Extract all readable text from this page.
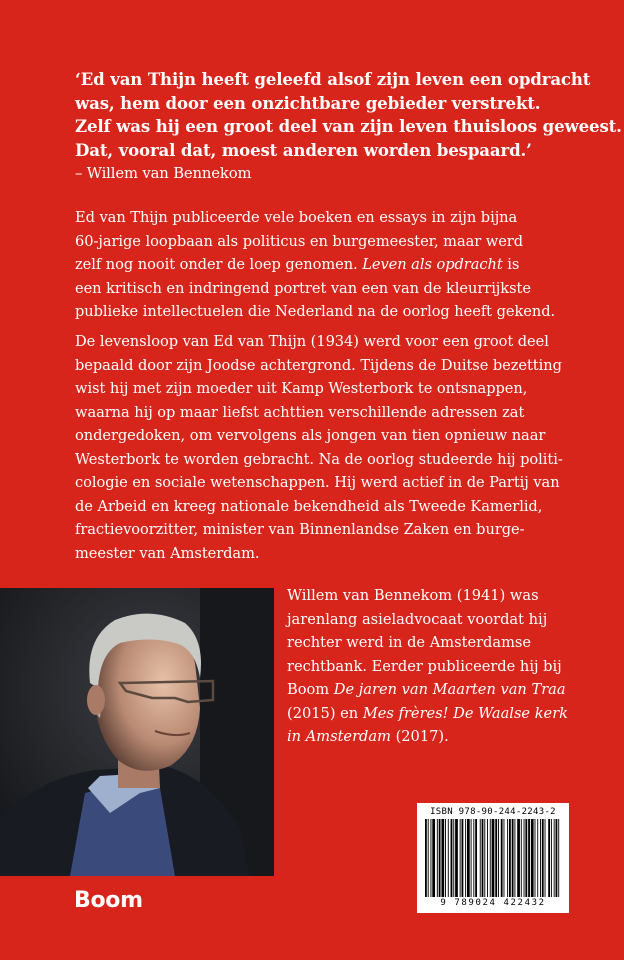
‘Ed van Thijn heeft geleefd alsof zijn leven een opdracht
was, hem door een onzichtbare gebieder verstrekt.
Zelf was hij een groot deel van zijn leven thuisloos geweest.
Dat, vooral dat, moest anderen worden bespaard.’
– Willem van Bennekom
Ed van Thijn publiceerde vele boeken en essays in zijn bijna
60-jarige loopbaan als politicus en burgemeester, maar werd
zelf nog nooit onder de loep genomen. Leven als opdracht is
een kritisch en indringend portret van een van de kleurrijkste
publieke intellectuelen die Nederland na de oorlog heeft gekend.
De levensloop van Ed van Thijn (1934) werd voor een groot deel
bepaald door zijn Joodse achtergrond. Tijdens de Duitse bezetting
wist hij met zijn moeder uit Kamp Westerbork te ontsnappen,
waarna hij op maar liefst achttien verschillende adressen zat
ondergedoken, om vervolgens als jongen van tien opnieuw naar
Westerbork te worden gebracht. Na de oorlog studeerde hij politi-
cologie en sociale wetenschappen. Hij werd actief in de Partij van
de Arbeid en kreeg nationale bekendheid als Tweede Kamerlid,
fractievoorzitter, minister van Binnenlandse Zaken en burge-
meester van Amsterdam.
Willem van Bennekom (1941) was
jarenlang asieladvocaat voordat hij
rechter werd in de Amsterdamse
rechtbank. Eerder publiceerde hij bij
Boom De jaren van Maarten van Traa
(2015) en Mes frères! De Waalse kerk
in Amsterdam (2017).
ISBN 978-90-244-2243-2
9 789024 422432
Boom
